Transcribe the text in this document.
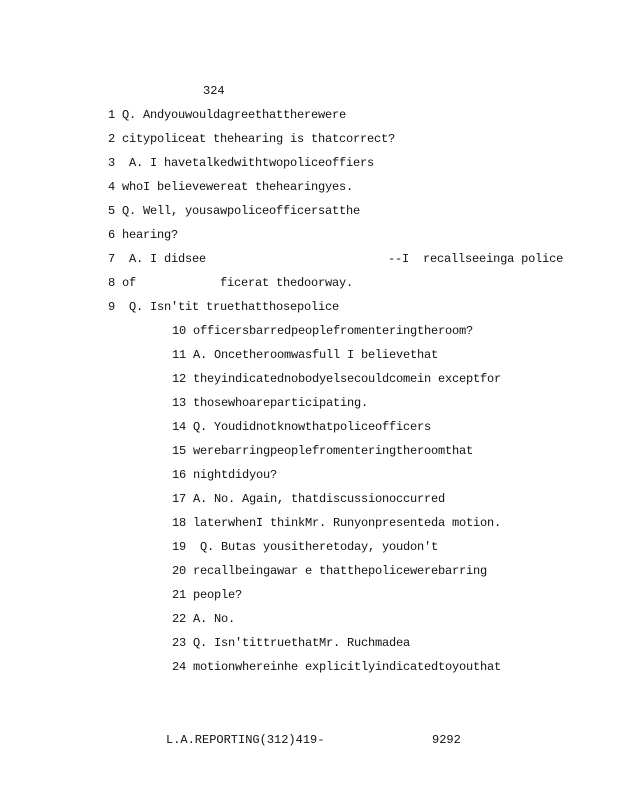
324
1 Q. Andyouwouldagreethattherewere
2 citypoliceat thehearing is thatcorrect?
3  A. I havetalkedwithtwopoliceoffiers
4 whoI believewereat thehearingyes.
5 Q. Well, yousawpoliceofficersatthe
6 hearing?
7  A. I didsee                          --I  recallseeinga police
8 of            ficerat thedoorway.
9  Q. Isn'tit truethatthosepolice
10 officersbarredpeoplefromenteringtheroom?
11 A. Oncetheroomwasfull I believethat
12 theyindicatednobodyelsecouldcomein exceptfor
13 thosewhoareparticipating.
14 Q. Youdidnotknowthatpoliceofficers
15 werebarringpeoplefromenteringtheroomthat
16 nightdidyou?
17 A. No. Again, thatdiscussionoccurred
18 laterwhenI thinkMr. Runyonpresenteda motion.
19  Q. Butas yousitheretoday, youdon't
20 recallbeingawar e thatthepolicewerebarring
21 people?
22 A. No.
23 Q. Isn'tittruethatMr. Ruchmadea
24 motionwhereinhe explicitlyindicatedtoyouthat
L.A.REPORTING(312)419-	9292
